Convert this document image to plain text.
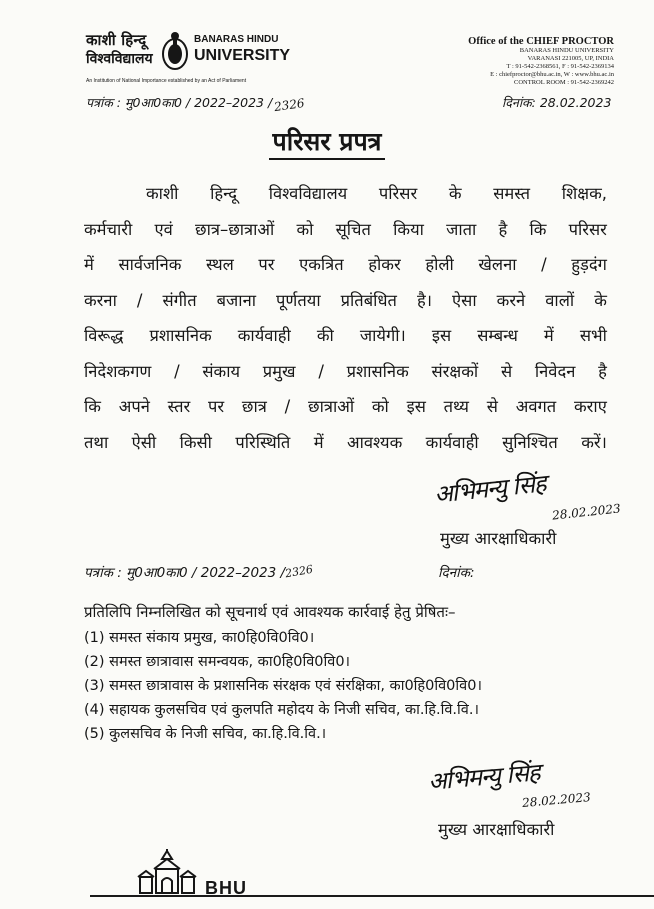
काशी हिन्दू
विश्वविद्यालय
BANARAS HINDU
UNIVERSITY
An Institution of National Importance established by an Act of Parliament
Office of the CHIEF PROCTOR
BANARAS HINDU UNIVERSITY
VARANASI 221005, UP, INDIA
T : 91-542-2368561, F : 91-542-2369134
E : chiefproctor@bhu.ac.in, W : www.bhu.ac.in
CONTROL ROOM : 91-542-2369242
पत्रांक : मु0आ0का0 / 2022–2023 /2326	दिनांक: 28.02.2023
परिसर प्रपत्र
काशी हिन्दू विश्वविद्यालय परिसर के समस्त शिक्षक,
कर्मचारी एवं छात्र–छात्राओं को सूचित किया जाता है कि परिसर
में सार्वजनिक स्थल पर एकत्रित होकर होली खेलना / हुड़दंग
करना / संगीत बजाना पूर्णतया प्रतिबंधित है। ऐसा करने वालों के
विरूद्ध प्रशासनिक कार्यवाही की जायेगी। इस सम्बन्ध में सभी
निदेशकगण / संकाय प्रमुख / प्रशासनिक संरक्षकों से निवेदन है
कि अपने स्तर पर छात्र / छात्राओं को इस तथ्य से अवगत कराए
तथा ऐसी किसी परिस्थिति में आवश्यक कार्यवाही सुनिश्चित करें।
अभिमन्यु सिंह
28.02.2023
मुख्य आरक्षाधिकारी
पत्रांक : मु0आ0का0 / 2022–2023 /2326	दिनांक:
प्रतिलिपि निम्नलिखित को सूचनार्थ एवं आवश्यक कार्रवाई हेतु प्रेषितः–
(1) समस्त संकाय प्रमुख, का0हि0वि0वि0।
(2) समस्त छात्रावास समन्वयक, का0हि0वि0वि0।
(3) समस्त छात्रावास के प्रशासनिक संरक्षक एवं संरक्षिका, का0हि0वि0वि0।
(4) सहायक कुलसचिव एवं कुलपति महोदय के निजी सचिव, का.हि.वि.वि.।
(5) कुलसचिव के निजी सचिव, का.हि.वि.वि.।
अभिमन्यु सिंह
28.02.2023
मुख्य आरक्षाधिकारी
BHU
